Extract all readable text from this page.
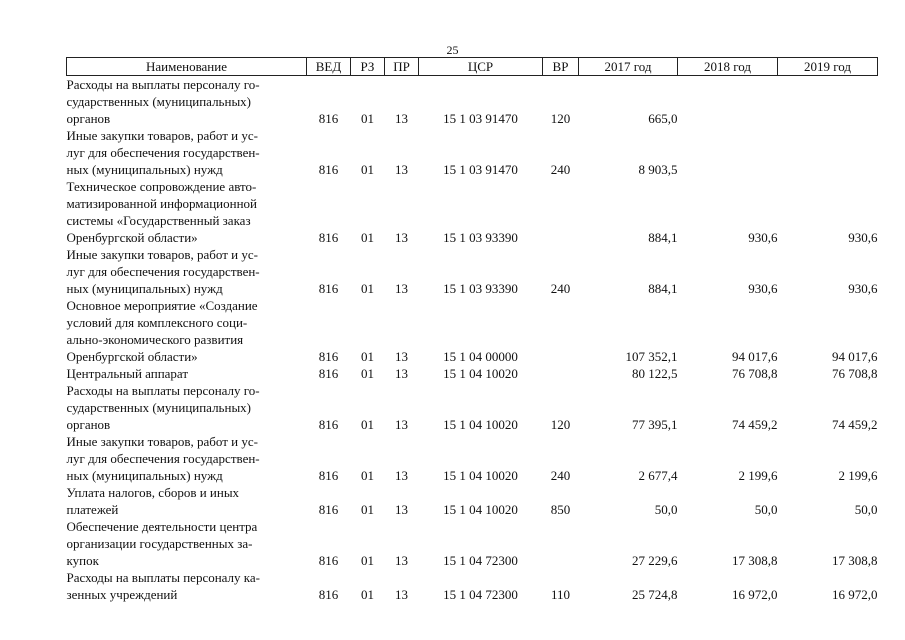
25
Наименование	ВЕД	РЗ	ПР	ЦСР	ВР	2017 год	2018 год	2019 год

Расходы на выплаты персоналу го-
сударственных (муниципальных)
органов	816	01	13	15 1 03 91470	120	665,0		

Иные закупки товаров, работ и ус-
луг для обеспечения государствен-
ных (муниципальных) нужд	816	01	13	15 1 03 91470	240	8 903,5		

Техническое сопровождение авто-
матизированной информационной
системы «Государственный заказ
Оренбургской области»	816	01	13	15 1 03 93390		884,1	930,6	930,6

Иные закупки товаров, работ и ус-
луг для обеспечения государствен-
ных (муниципальных) нужд	816	01	13	15 1 03 93390	240	884,1	930,6	930,6

Основное мероприятие «Создание
условий для комплексного соци-
ально-экономического развития
Оренбургской области»	816	01	13	15 1 04 00000		107 352,1	94 017,6	94 017,6

Центральный аппарат	816	01	13	15 1 04 10020		80 122,5	76 708,8	76 708,8

Расходы на выплаты персоналу го-
сударственных (муниципальных)
органов	816	01	13	15 1 04 10020	120	77 395,1	74 459,2	74 459,2

Иные закупки товаров, работ и ус-
луг для обеспечения государствен-
ных (муниципальных) нужд	816	01	13	15 1 04 10020	240	2 677,4	2 199,6	2 199,6

Уплата налогов, сборов и иных
платежей	816	01	13	15 1 04 10020	850	50,0	50,0	50,0

Обеспечение деятельности центра
организации государственных за-
купок	816	01	13	15 1 04 72300		27 229,6	17 308,8	17 308,8

Расходы на выплаты персоналу ка-
зенных учреждений	816	01	13	15 1 04 72300	110	25 724,8	16 972,0	16 972,0
